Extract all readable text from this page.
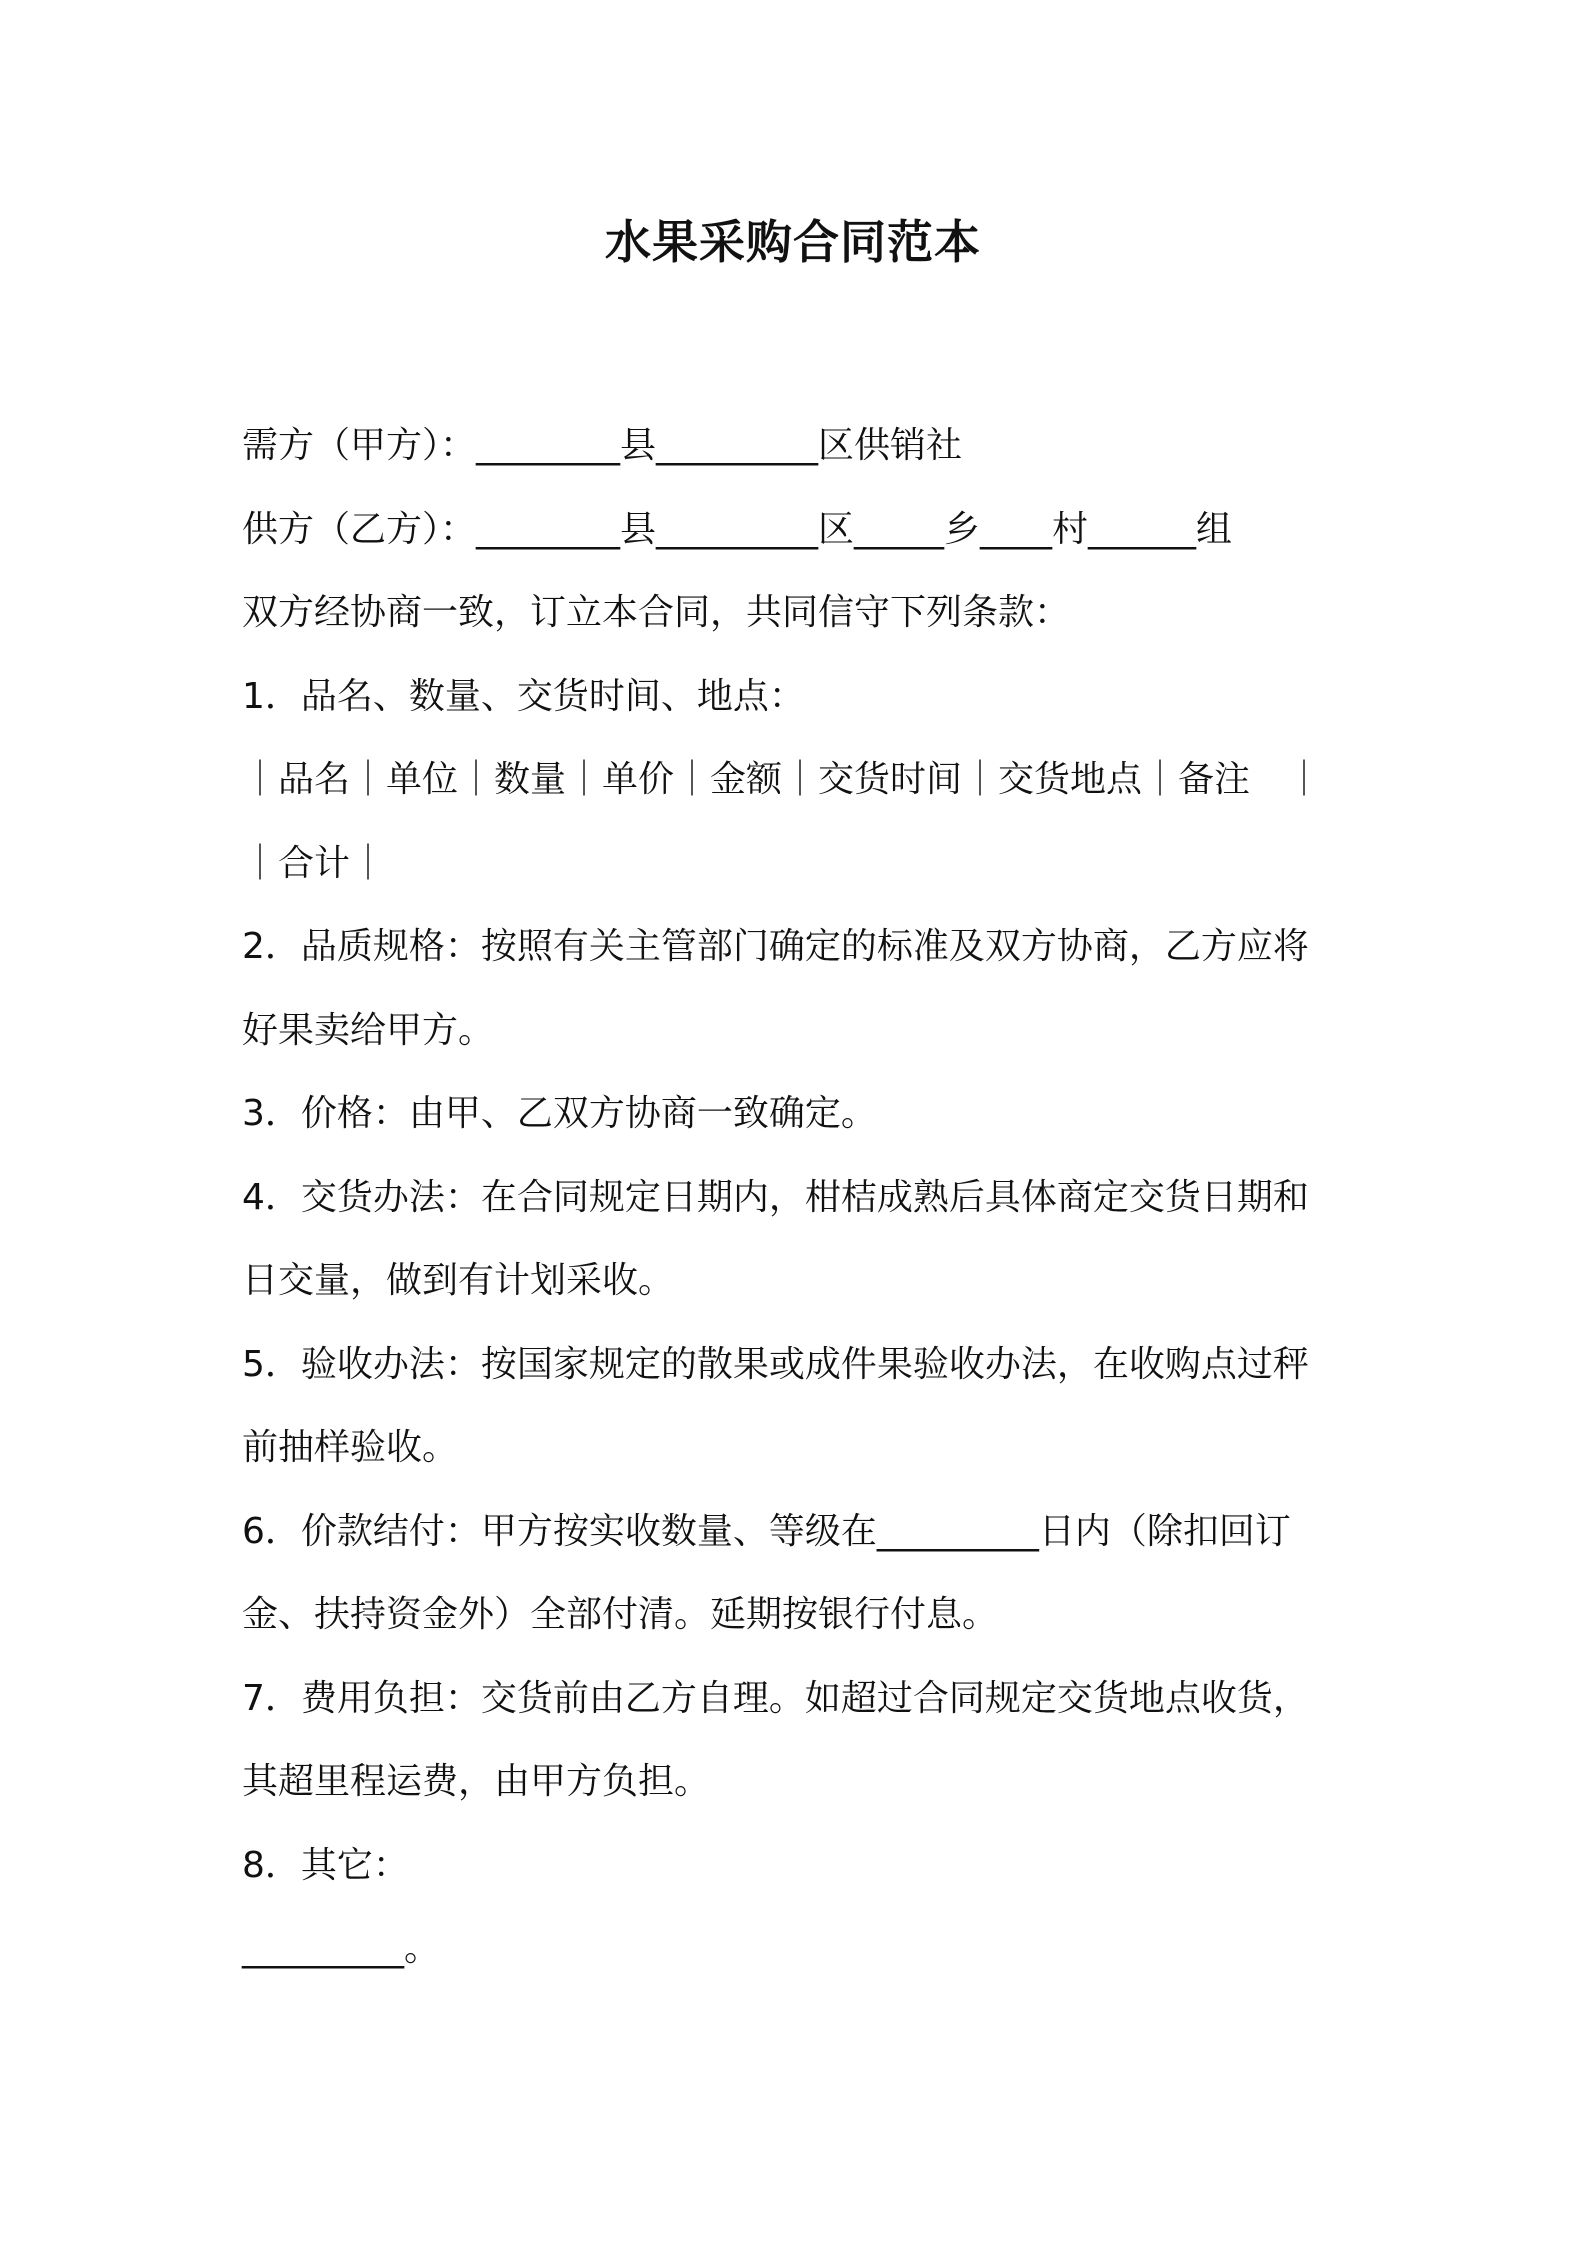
水果采购合同范本
需方（甲方）：________县_________区供销社
供方（乙方）：________县_________区_____乡____村______组
双方经协商一致，订立本合同，共同信守下列条款：
1．品名、数量、交货时间、地点：
｜品名｜单位｜数量｜单价｜金额｜交货时间｜交货地点｜备注　｜
｜合计｜
2．品质规格：按照有关主管部门确定的标准及双方协商，乙方应将
好果卖给甲方。
3．价格：由甲、乙双方协商一致确定。
4．交货办法：在合同规定日期内，柑桔成熟后具体商定交货日期和
日交量，做到有计划采收。
5．验收办法：按国家规定的散果或成件果验收办法，在收购点过秤
前抽样验收。
6．价款结付：甲方按实收数量、等级在_________日内（除扣回订
金、扶持资金外）全部付清。延期按银行付息。
7．费用负担：交货前由乙方自理。如超过合同规定交货地点收货，
其超里程运费，由甲方负担。
8．其它：
_________。
